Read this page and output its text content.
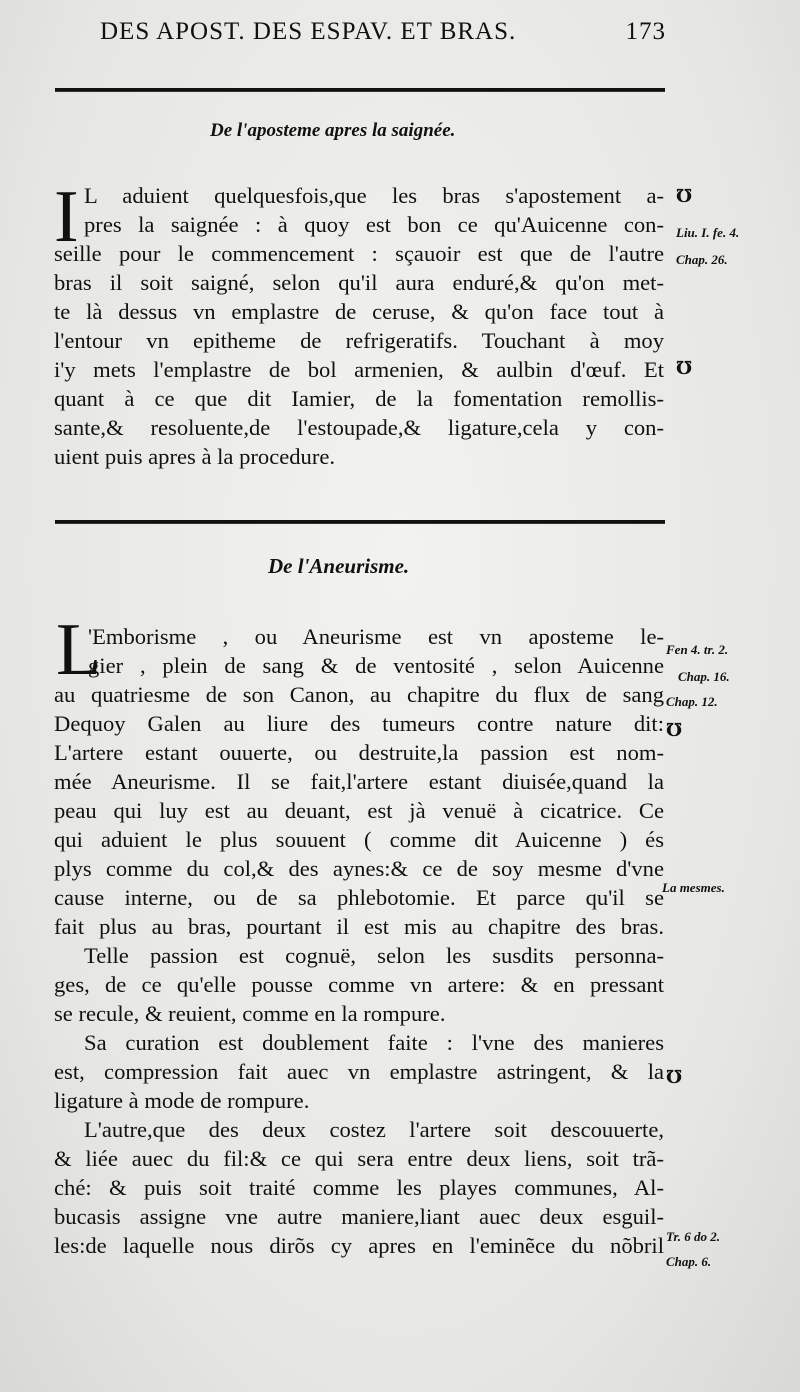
DES APOST. DES ESPAV. ET BRAS.	173
De l'aposteme apres la saignée.
I L aduient quelquesfois,que les bras s'apostement a-
pres la saignée : à quoy est bon ce qu'Auicenne con-
seille pour le commencement : sçauoir est que de l'autre
bras il soit saigné, selon qu'il aura enduré,& qu'on met-
te là dessus vn emplastre de ceruse, & qu'on face tout à
l'entour vn epitheme de refrigeratifs. Touchant à moy
i'y mets l'emplastre de bol armenien, & aulbin d'œuf. Et
quant à ce que dit Iamier, de la fomentation remollis-
sante,& resoluente,de l'estoupade,& ligature,cela y con-
uient puis apres à la procedure.
℧
Liu. I. fe. 4.
Chap. 26.
℧
De l'Aneurisme.
L
'Emborisme , ou Aneurisme est vn aposteme le-
gier , plein de sang & de ventosité , selon Auicenne
au quatriesme de son Canon, au chapitre du flux de sang
Dequoy Galen au liure des tumeurs contre nature dit:
L'artere estant ouuerte, ou destruite,la passion est nom-
mée Aneurisme. Il se fait,l'artere estant diuisée,quand la
peau qui luy est au deuant, est jà venuë à cicatrice. Ce
qui aduient le plus souuent ( comme dit Auicenne ) és
plys comme du col,& des aynes:& ce de soy mesme d'vne
cause interne, ou de sa phlebotomie. Et parce qu'il se
fait plus au bras, pourtant il est mis au chapitre des bras.
Telle passion est cognuë, selon les susdits personna-
ges, de ce qu'elle pousse comme vn artere: & en pressant
se recule, & reuient, comme en la rompure.
Sa curation est doublement faite : l'vne des manieres
est, compression fait auec vn emplastre astringent, & la
ligature à mode de rompure.
L'autre,que des deux costez l'artere soit descouuerte,
& liée auec du fil:& ce qui sera entre deux liens, soit trã-
ché: & puis soit traité comme les playes communes, Al-
bucasis assigne vne autre maniere,liant auec deux esguil-
les:de laquelle nous dirõs cy apres en l'eminẽce du nõbril
Fen 4. tr. 2.
Chap. 16.
Chap. 12.
℧
La mesmes.
℧
Tr. 6 do 2.
Chap. 6.
